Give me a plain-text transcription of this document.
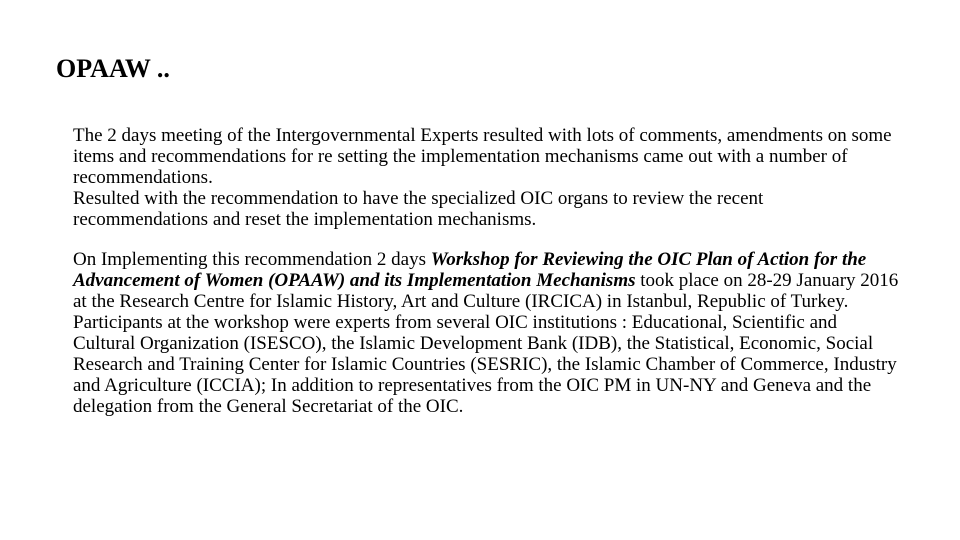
OPAAW ..

The 2 days meeting of the Intergovernmental Experts resulted with lots of comments, amendments on some items and recommendations for re setting the implementation mechanisms came out with a number of recommendations.

Resulted with the recommendation to have the specialized OIC organs to review the recent recommendations and reset the implementation mechanisms.

On Implementing this recommendation 2 days Workshop for Reviewing the OIC Plan of Action for the Advancement of Women (OPAAW) and its Implementation Mechanisms took place on 28-29 January 2016 at the Research Centre for Islamic History, Art and Culture (IRCICA) in Istanbul, Republic of Turkey. Participants at the workshop were experts from several OIC institutions : Educational, Scientific and Cultural Organization (ISESCO), the Islamic Development Bank (IDB), the Statistical, Economic, Social Research and Training Center for Islamic Countries (SESRIC), the Islamic Chamber of Commerce, Industry and Agriculture (ICCIA); In addition to representatives from the OIC PM in UN-NY and Geneva and the delegation from the General Secretariat of the OIC.
